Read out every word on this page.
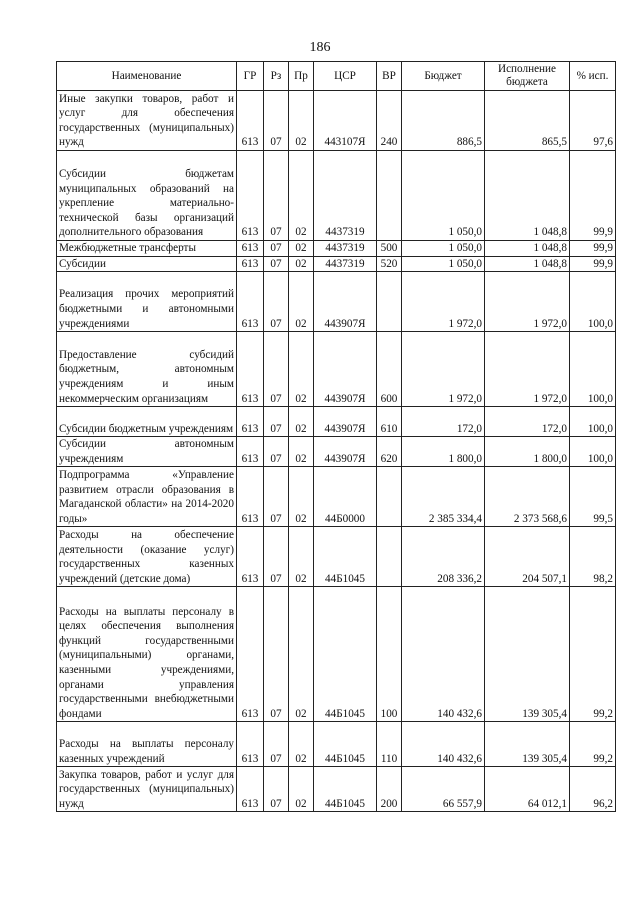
186
Наименование	ГР	Рз	Пр	ЦСР	ВР	Бюджет	Исполнение бюджета	% исп.
Иные закупки товаров, работ и услуг для обеспечения государственных (муниципальных) нужд	613	07	02	443107Я	240	886,5	865,5	97,6
Субсидии бюджетам муниципальных образований на укрепление материально-технической базы организаций дополнительного образования	613	07	02	4437319		1 050,0	1 048,8	99,9
Межбюджетные трансферты	613	07	02	4437319	500	1 050,0	1 048,8	99,9
Субсидии	613	07	02	4437319	520	1 050,0	1 048,8	99,9
Реализация прочих мероприятий бюджетными и автономными учреждениями	613	07	02	443907Я		1 972,0	1 972,0	100,0
Предоставление субсидий бюджетным, автономным учреждениям и иным некоммерческим организациям	613	07	02	443907Я	600	1 972,0	1 972,0	100,0
Субсидии бюджетным учреждениям	613	07	02	443907Я	610	172,0	172,0	100,0
Субсидии автономным учреждениям	613	07	02	443907Я	620	1 800,0	1 800,0	100,0
Подпрограмма «Управление развитием отрасли образования в Магаданской области» на 2014-2020 годы»	613	07	02	44Б0000		2 385 334,4	2 373 568,6	99,5
Расходы на обеспечение деятельности (оказание услуг) государственных казенных учреждений (детские дома)	613	07	02	44Б1045		208 336,2	204 507,1	98,2
Расходы на выплаты персоналу в целях обеспечения выполнения функций государственными (муниципальными) органами, казенными учреждениями, органами управления государственными внебюджетными фондами	613	07	02	44Б1045	100	140 432,6	139 305,4	99,2
Расходы на выплаты персоналу казенных учреждений	613	07	02	44Б1045	110	140 432,6	139 305,4	99,2
Закупка товаров, работ и услуг для государственных (муниципальных) нужд	613	07	02	44Б1045	200	66 557,9	64 012,1	96,2
